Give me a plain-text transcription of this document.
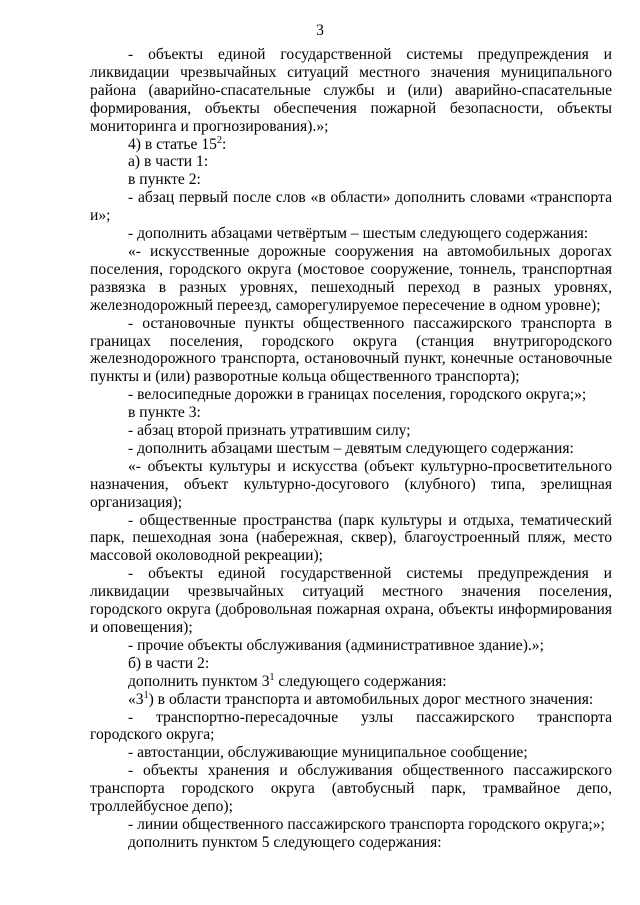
3

- объекты единой государственной системы предупреждения и ликвидации чрезвычайных ситуаций местного значения муниципального района (аварийно-спасательные службы и (или) аварийно-спасательные формирования, объекты обеспечения пожарной безопасности, объекты мониторинга и прогнозирования).»;

4) в статье $15^2$:

а) в части 1:

в пункте 2:

- абзац первый после слов «в области» дополнить словами «транспорта и»;

- дополнить абзацами четвёртым – шестым следующего содержания:

«- искусственные дорожные сооружения на автомобильных дорогах поселения, городского округа (мостовое сооружение, тоннель, транспортная развязка в разных уровнях, пешеходный переход в разных уровнях, железнодорожный переезд, саморегулируемое пересечение в одном уровне);

- остановочные пункты общественного пассажирского транспорта в границах поселения, городского округа (станция внутригородского железнодорожного транспорта, остановочный пункт, конечные остановочные пункты и (или) разворотные кольца общественного транспорта);

- велосипедные дорожки в границах поселения, городского округа;»;

в пункте 3:

- абзац второй признать утратившим силу;

- дополнить абзацами шестым – девятым следующего содержания:

«- объекты культуры и искусства (объект культурно-просветительного назначения, объект культурно-досугового (клубного) типа, зрелищная организация);

- общественные пространства (парк культуры и отдыха, тематический парк, пешеходная зона (набережная, сквер), благоустроенный пляж, место массовой околоводной рекреации);

- объекты единой государственной системы предупреждения и ликвидации чрезвычайных ситуаций местного значения поселения, городского округа (добровольная пожарная охрана, объекты информирования и оповещения);

- прочие объекты обслуживания (административное здание).»;

б) в части 2:

дополнить пунктом $3^1$ следующего содержания:

«$3^1$) в области транспорта и автомобильных дорог местного значения:

- транспортно-пересадочные узлы пассажирского транспорта городского округа;

- автостанции, обслуживающие муниципальное сообщение;

- объекты хранения и обслуживания общественного пассажирского транспорта городского округа (автобусный парк, трамвайное депо, троллейбусное депо);

- линии общественного пассажирского транспорта городского округа;»;

дополнить пунктом 5 следующего содержания:
